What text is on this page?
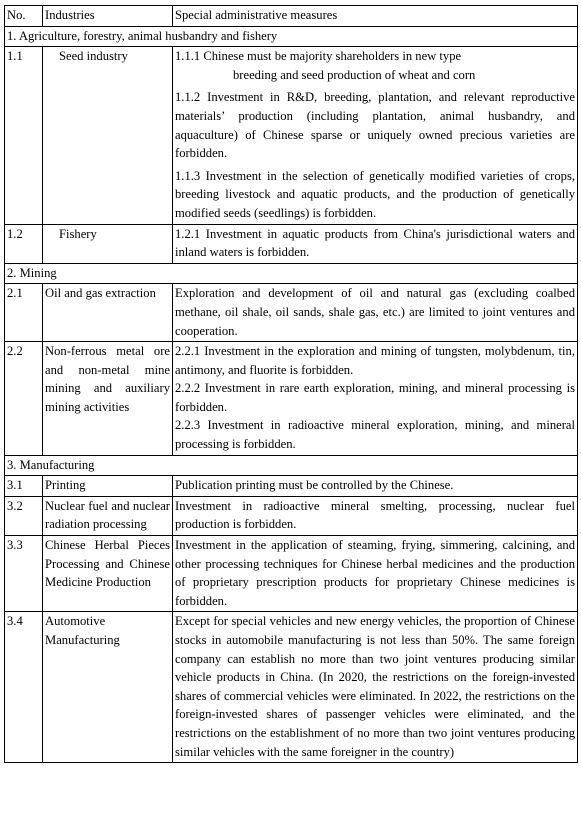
No.	Industries	Special administrative measures
1. Agriculture, forestry, animal husbandry and fishery		
1.1	Seed industry	1.1.1 Chinese must be majority shareholders in new type

breeding and seed production of wheat and corn

1.1.2 Investment in R&D, breeding, plantation, and relevant reproductive materials’ production (including plantation, animal husbandry, and aquaculture) of Chinese sparse or uniquely owned precious varieties are forbidden.

1.1.3 Investment in the selection of genetically modified varieties of crops, breeding livestock and aquatic products, and the production of genetically modified seeds (seedlings) is forbidden.

1.2	Fishery	1.2.1 Investment in aquatic products from China's jurisdictional waters and inland waters is forbidden.

2. Mining		
2.1	Oil and gas extraction	Exploration and development of oil and natural gas (excluding coalbed methane, oil shale, oil sands, shale gas, etc.) are limited to joint ventures and cooperation.

2.2	Non-ferrous metal ore and non-metal mine mining and auxiliary mining activities	2.2.1 Investment in the exploration and mining of tungsten, molybdenum, tin, antimony, and fluorite is forbidden.

2.2.2 Investment in rare earth exploration, mining, and mineral processing is forbidden.

2.2.3 Investment in radioactive mineral exploration, mining, and mineral processing is forbidden.

3. Manufacturing		
3.1	Printing	Publication printing must be controlled by the Chinese.

3.2	Nuclear fuel and nuclear radiation processing	Investment in radioactive mineral smelting, processing, nuclear fuel production is forbidden.

3.3	Chinese Herbal Pieces Processing and Chinese Medicine Production	Investment in the application of steaming, frying, simmering, calcining, and other processing techniques for Chinese herbal medicines and the production of proprietary prescription products for proprietary Chinese medicines is forbidden.

3.4	Automotive Manufacturing	Except for special vehicles and new energy vehicles, the proportion of Chinese stocks in automobile manufacturing is not less than 50%. The same foreign company can establish no more than two joint ventures producing similar vehicle products in China. (In 2020, the restrictions on the foreign-invested shares of commercial vehicles were eliminated. In 2022, the restrictions on the foreign-invested shares of passenger vehicles were eliminated, and the restrictions on the establishment of no more than two joint ventures producing similar vehicles with the same foreigner in the country)
